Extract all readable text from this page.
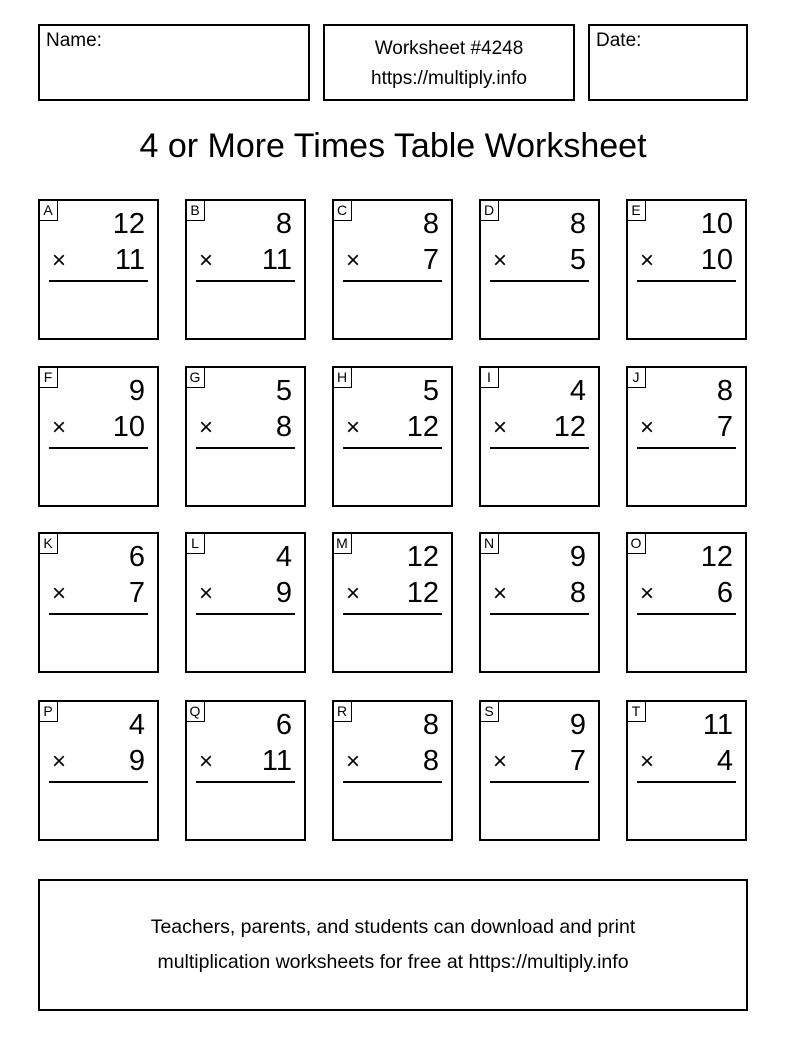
Name:	Worksheet #4248
https://multiply.info
Date:
4 or More Times Table Worksheet
A 12
× 11
B	8
× 11
C	8
× 7
D	8
× 5
E 10
× 10
F	9
× 10
G	5
× 8
H	5
× 12
I	4
× 12
J	8
× 7
K	6
× 7
L	4
× 9
M 12
× 12
N	9
× 8
O 12
× 6
P	4
× 9
Q	6
× 11
R	8
× 8
S	9
× 7
T 11
× 4
Teachers, parents, and students can download and print
multiplication worksheets for free at https://multiply.info
